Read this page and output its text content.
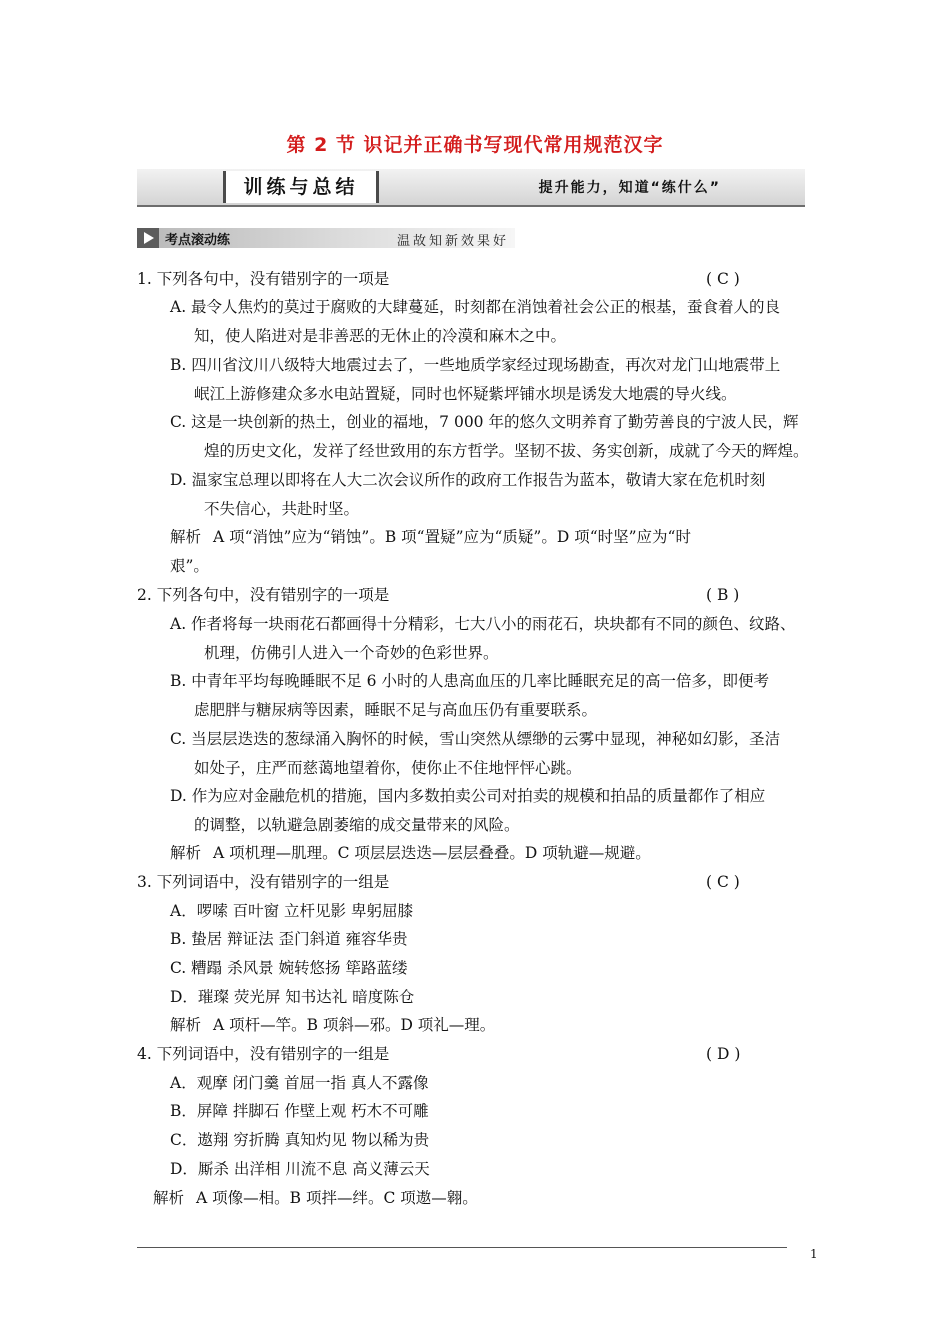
第 2 节 识记并正确书写现代常用规范汉字
训练与总结	提升能力，知道“练什么”
考点滚动练	温故知新效果好
1. 下列各句中，没有错别字的一项是	( C )
A. 最令人焦灼的莫过于腐败的大肆蔓延，时刻都在消蚀着社会公正的根基，蚕食着人的良
知，使人陷进对是非善恶的无休止的冷漠和麻木之中。
B. 四川省汶川八级特大地震过去了，一些地质学家经过现场勘查，再次对龙门山地震带上
岷江上游修建众多水电站置疑，同时也怀疑紫坪铺水坝是诱发大地震的导火线。
C. 这是一块创新的热土，创业的福地，7 000 年的悠久文明养育了勤劳善良的宁波人民，辉
煌的历史文化，发祥了经世致用的东方哲学。坚韧不拔、务实创新，成就了今天的辉煌。
D. 温家宝总理以即将在人大二次会议所作的政府工作报告为蓝本，敬请大家在危机时刻
不失信心，共赴时坚。
解析 A 项“消蚀”应为“销蚀”。B 项“置疑”应为“质疑”。D 项“时坚”应为“时
艰”。
2. 下列各句中，没有错别字的一项是	( B )
A. 作者将每一块雨花石都画得十分精彩，七大八小的雨花石，块块都有不同的颜色、纹路、
机理，仿佛引人进入一个奇妙的色彩世界。
B. 中青年平均每晚睡眠不足 6 小时的人患高血压的几率比睡眠充足的高一倍多，即便考
虑肥胖与糖尿病等因素，睡眠不足与高血压仍有重要联系。
C. 当层层迭迭的葱绿涌入胸怀的时候，雪山突然从缥缈的云雾中显现，神秘如幻影，圣洁
如处子，庄严而慈蔼地望着你，使你止不住地怦怦心跳。
D. 作为应对金融危机的措施，国内多数拍卖公司对拍卖的规模和拍品的质量都作了相应
的调整，以轨避急剧萎缩的成交量带来的风险。
解析 A 项机理—肌理。C 项层层迭迭—层层叠叠。D 项轨避—规避。
3. 下列词语中，没有错别字的一组是	( C )
A．啰嗦 百叶窗 立杆见影 卑躬屈膝
B. 蛰居 辩证法 歪门斜道 雍容华贵
C. 糟蹋 杀风景 婉转悠扬 筚路蓝缕
D．璀璨 荧光屏 知书达礼 暗度陈仓
解析 A 项杆—竿。B 项斜—邪。D 项礼—理。
4. 下列词语中，没有错别字的一组是	( D )
A．观摩 闭门羹 首屈一指 真人不露像
B．屏障 拌脚石 作壁上观 朽木不可雕
C．遨翔 穷折腾 真知灼见 物以稀为贵
D．厮杀 出洋相 川流不息 高义薄云天
解析 A 项像—相。B 项拌—绊。C 项遨—翱。
1
